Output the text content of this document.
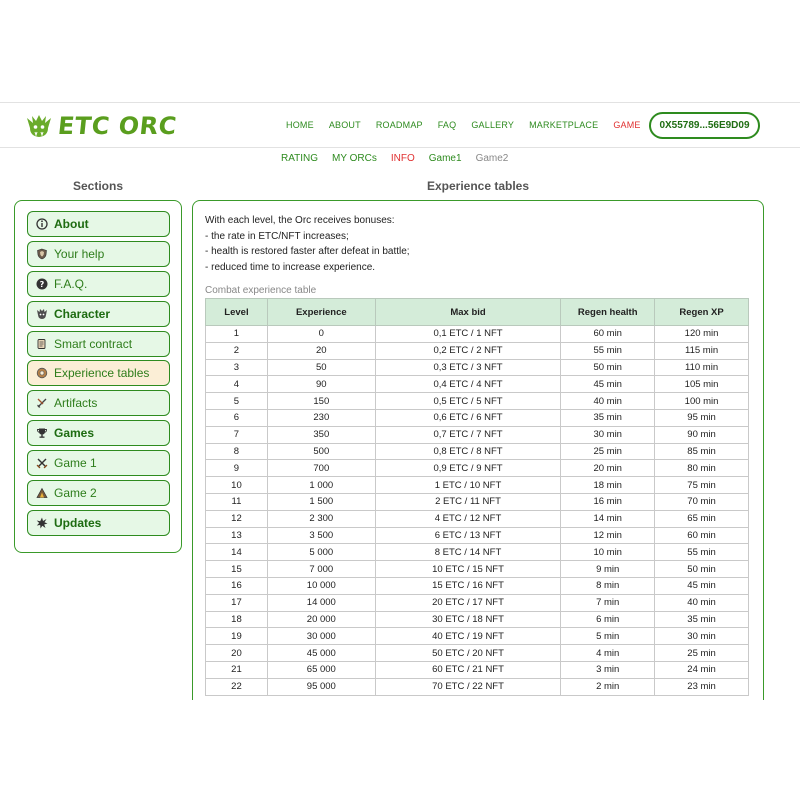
ETC ORC	HOME ABOUT ROADMAP FAQ GALLERY MARKETPLACE GAME	0X55789...56E9D09
RATING MY ORCs INFO Game1 Game2
Sections	Experience tables
About
Your help
? F.A.Q.
Character
Smart contract
Experience tables
Artifacts
Games
Game 1
Game 2
Updates
With each level, the Orc receives bonuses:
- the rate in ETC/NFT increases;
- health is restored faster after defeat in battle;
- reduced time to increase experience.
Combat experience table
Level	Experience	Max bid	Regen health	Regen XP
1	0	0,1 ETC / 1 NFT	60 min	120 min
2	20	0,2 ETC / 2 NFT	55 min	115 min
3	50	0,3 ETC / 3 NFT	50 min	110 min
4	90	0,4 ETC / 4 NFT	45 min	105 min
5	150	0,5 ETC / 5 NFT	40 min	100 min
6	230	0,6 ETC / 6 NFT	35 min	95 min
7	350	0,7 ETC / 7 NFT	30 min	90 min
8	500	0,8 ETC / 8 NFT	25 min	85 min
9	700	0,9 ETC / 9 NFT	20 min	80 min
10	1 000	1 ETC / 10 NFT	18 min	75 min
11	1 500	2 ETC / 11 NFT	16 min	70 min
12	2 300	4 ETC / 12 NFT	14 min	65 min
13	3 500	6 ETC / 13 NFT	12 min	60 min
14	5 000	8 ETC / 14 NFT	10 min	55 min
15	7 000	10 ETC / 15 NFT	9 min	50 min
16	10 000	15 ETC / 16 NFT	8 min	45 min
17	14 000	20 ETC / 17 NFT	7 min	40 min
18	20 000	30 ETC / 18 NFT	6 min	35 min
19	30 000	40 ETC / 19 NFT	5 min	30 min
20	45 000	50 ETC / 20 NFT	4 min	25 min
21	65 000	60 ETC / 21 NFT	3 min	24 min
22	95 000	70 ETC / 22 NFT	2 min	23 min
